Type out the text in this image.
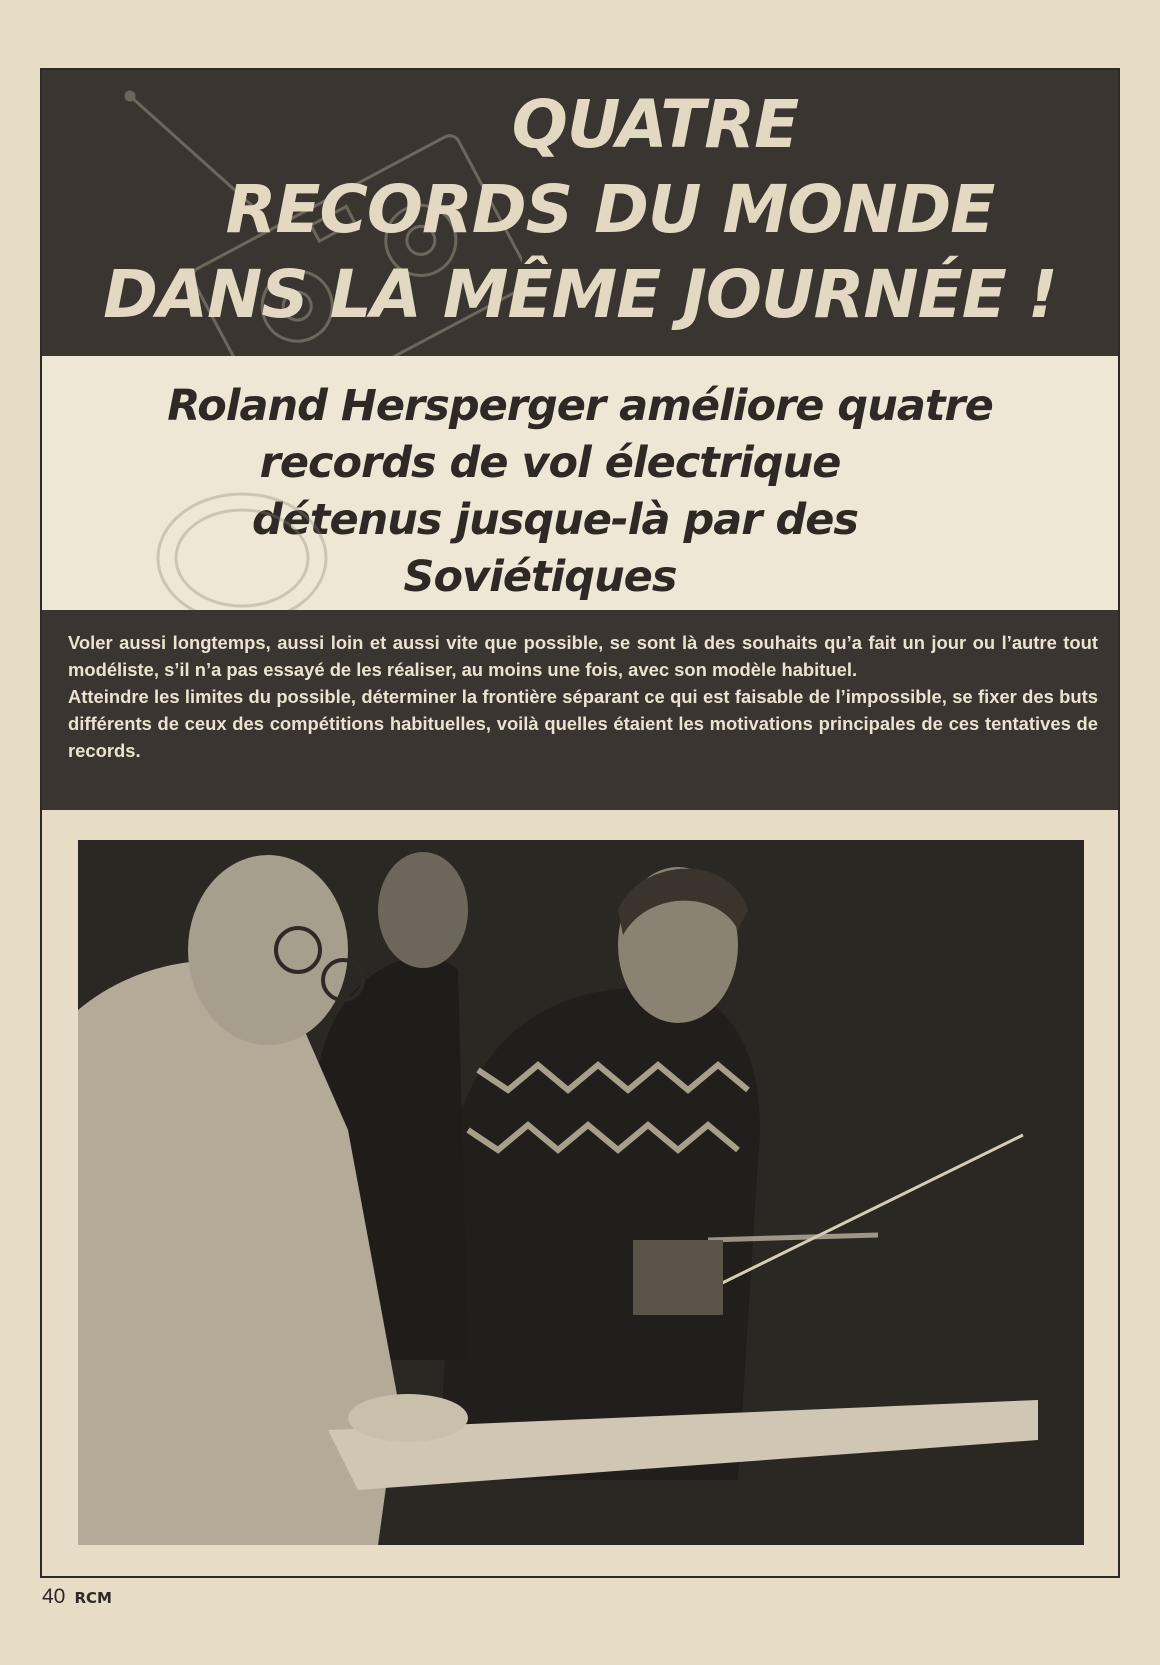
QUATRE
RECORDS DU MONDE
DANS LA MÊME JOURNÉE !
Roland Hersperger améliore quatre
records de vol électrique
détenus jusque-là par des
Soviétiques

Voler aussi longtemps, aussi loin et aussi vite que possible, se sont là des souhaits qu’a fait un jour ou l’autre tout modéliste, s’il n’a pas essayé de les réaliser, au moins une fois, avec son modèle habituel.

Atteindre les limites du possible, déterminer la frontière séparant ce qui est faisable de l’impossible, se fixer des buts différents de ceux des compétitions habituelles, voilà quelles étaient les motivations principales de ces tentatives de records.

40 RCM
